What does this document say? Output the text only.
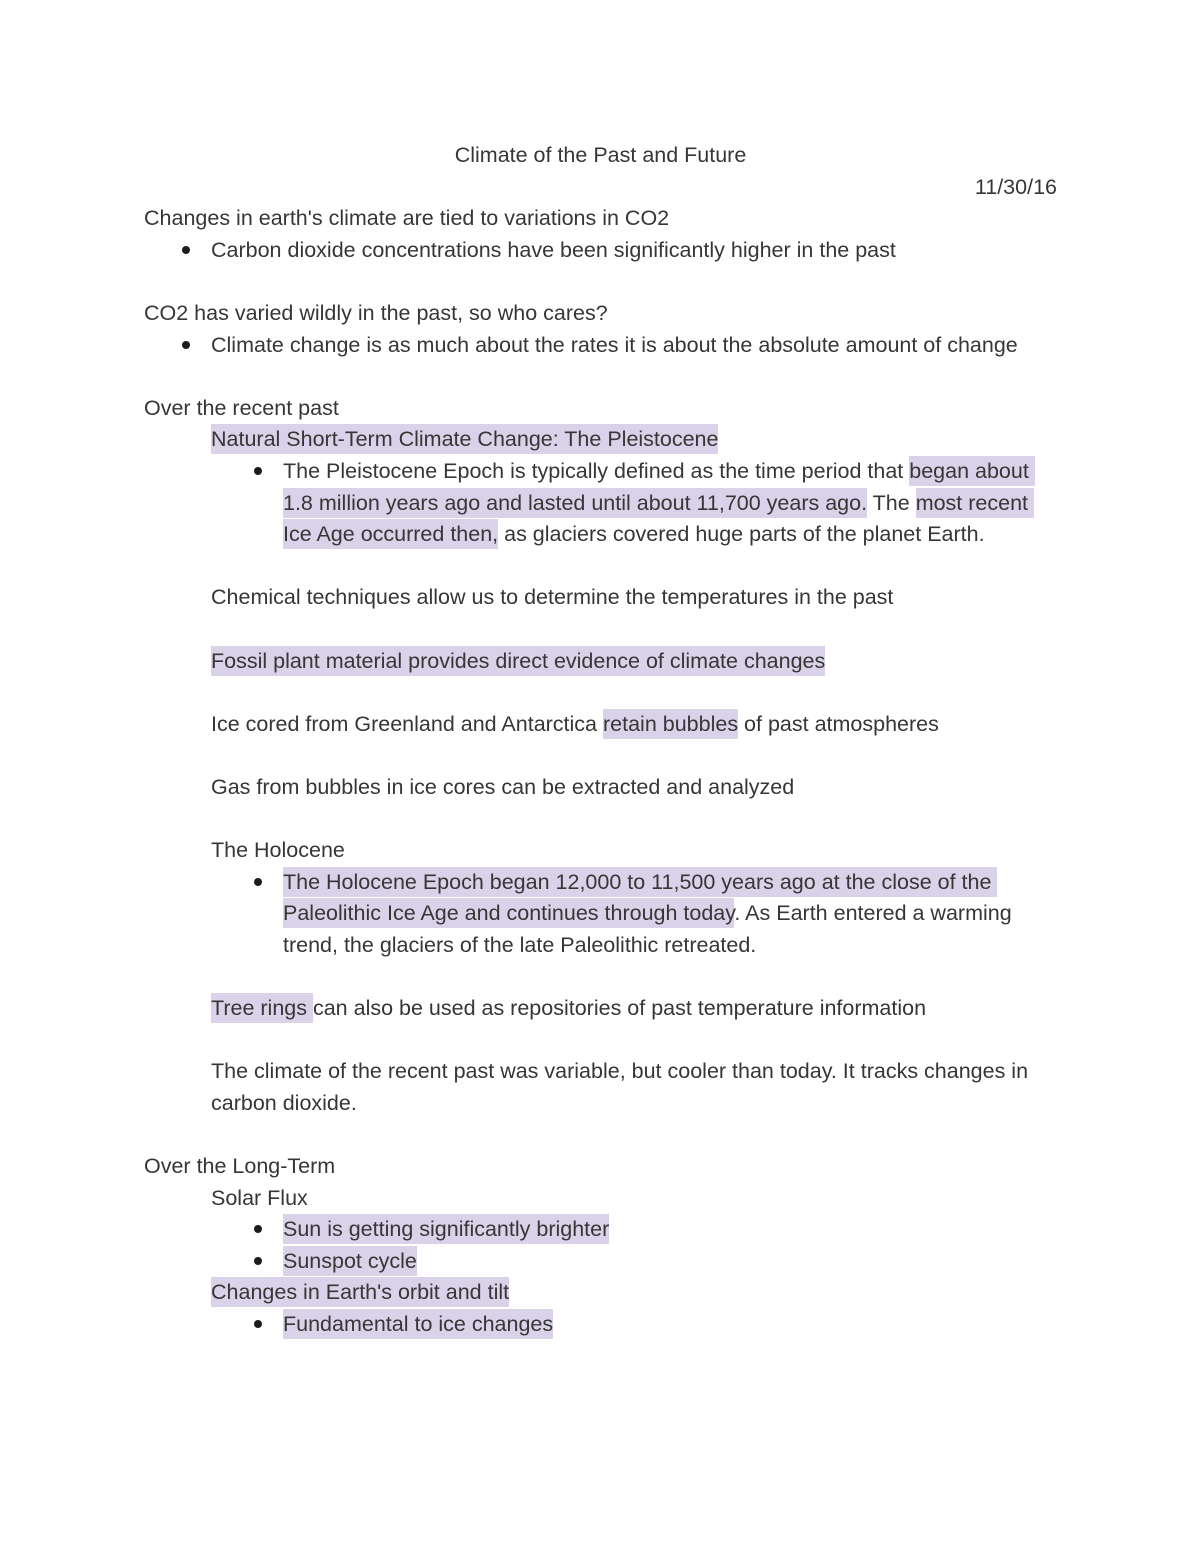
Climate of the Past and Future
11/30/16
Changes in earth's climate are tied to variations in CO2
Carbon dioxide concentrations have been significantly higher in the past
CO2 has varied wildly in the past, so who cares?
Climate change is as much about the rates it is about the absolute amount of change
Over the recent past
Natural Short-Term Climate Change: The Pleistocene
The Pleistocene Epoch is typically defined as the time period that began about 1.8 million years ago and lasted until about 11,700 years ago. The most recent Ice Age occurred then, as glaciers covered huge parts of the planet Earth.
Chemical techniques allow us to determine the temperatures in the past
Fossil plant material provides direct evidence of climate changes
Ice cored from Greenland and Antarctica retain bubbles of past atmospheres
Gas from bubbles in ice cores can be extracted and analyzed
The Holocene
The Holocene Epoch began 12,000 to 11,500 years ago at the close of the Paleolithic Ice Age and continues through today. As Earth entered a warming trend, the glaciers of the late Paleolithic retreated.
Tree rings can also be used as repositories of past temperature information
The climate of the recent past was variable, but cooler than today. It tracks changes in carbon dioxide.
Over the Long-Term
Solar Flux
Sun is getting significantly brighter
Sunspot cycle
Changes in Earth's orbit and tilt
Fundamental to ice changes
